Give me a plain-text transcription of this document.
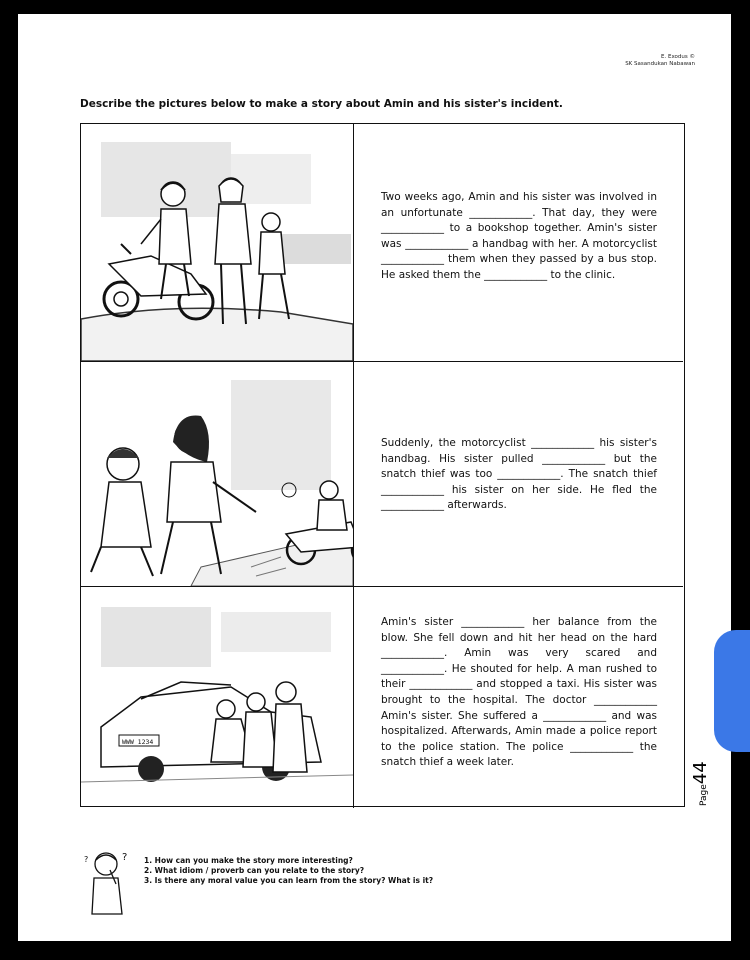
E. Exodus ©
SK Sasandukan Nabawan
Describe the pictures below to make a story about Amin and his sister's incident.
Two weeks ago, Amin and his sister was involved in an unfortunate ____________. That day, they were ____________ to a bookshop together. Amin's sister was ____________ a handbag with her. A motorcyclist ____________ them when they passed by a bus stop. He asked them the ____________ to the clinic.
Suddenly, the motorcyclist ____________ his sister's handbag. His sister pulled ____________ but the snatch thief was too ____________. The snatch thief ____________ his sister on her side. He fled the ____________ afterwards.
WWW 1234
Amin's sister ____________ her balance from the blow. She fell down and hit her head on the hard ____________. Amin was very scared and ____________. He shouted for help. A man rushed to their ____________ and stopped a taxi. His sister was brought to the hospital. The doctor ____________ Amin's sister. She suffered a ____________ and was hospitalized. Afterwards, Amin made a police report to the police station. The police ____________ the snatch thief a week later.
Page44
?
?	1. How can you make the story more interesting?
2. What idiom / proverb can you relate to the story?
3. Is there any moral value you can learn from the story? What is it?
